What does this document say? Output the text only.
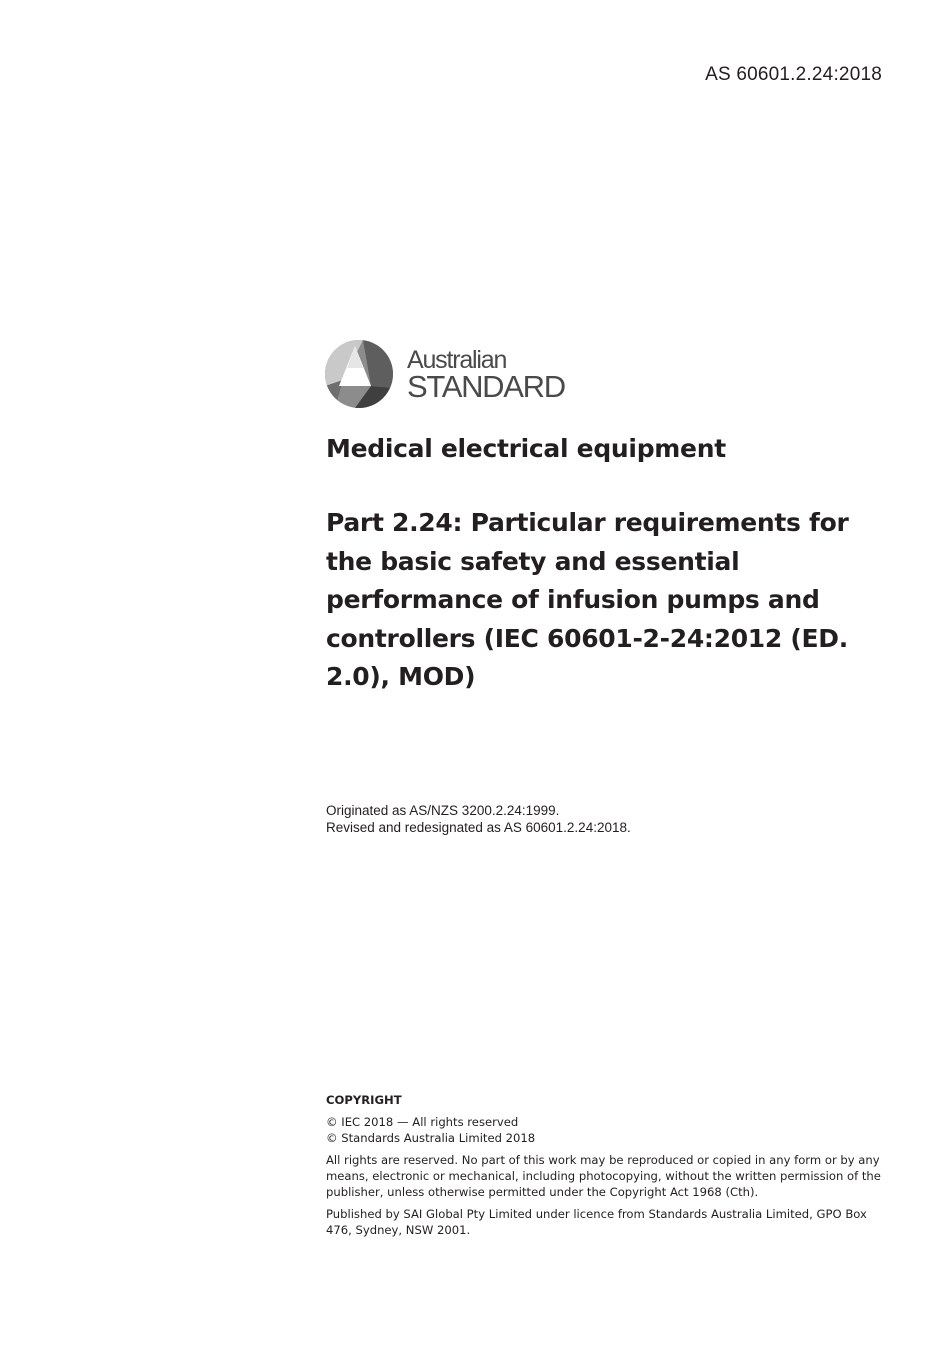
AS 60601.2.24:2018
Australian
STANDARD
Medical electrical equipment
Part 2.24: Particular requirements for the basic safety and essential performance of infusion pumps and controllers (IEC 60601-2-24:2012 (ED. 2.0), MOD)
Originated as AS/NZS 3200.2.24:1999.
Revised and redesignated as AS 60601.2.24:2018.
COPYRIGHT
© IEC 2018 — All rights reserved
© Standards Australia Limited 2018
All rights are reserved. No part of this work may be reproduced or copied in any form or by any means, electronic or mechanical, including photocopying, without the written permission of the publisher, unless otherwise permitted under the Copyright Act 1968 (Cth).
Published by SAI Global Pty Limited under licence from Standards Australia Limited, GPO Box 476, Sydney, NSW 2001.
